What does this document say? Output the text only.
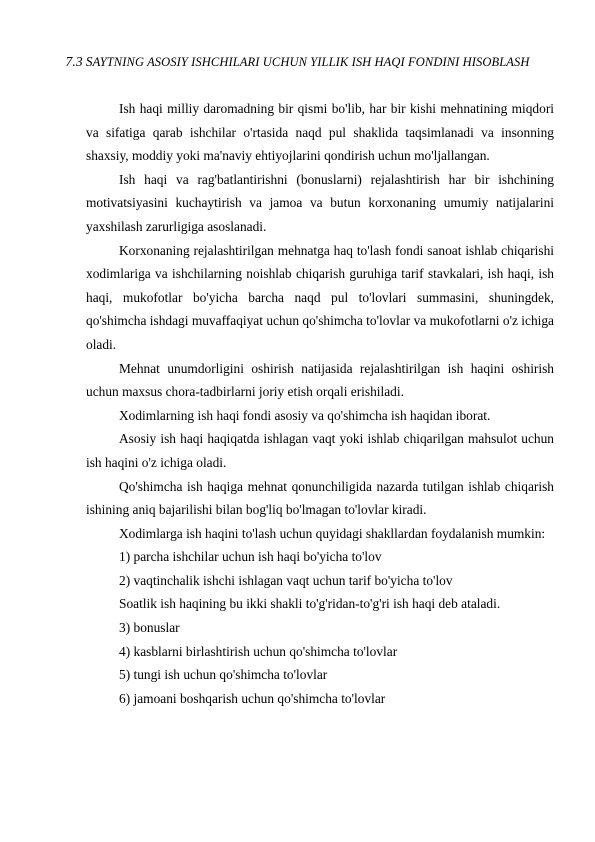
7.3 SAYTNING ASOSIY ISHCHILARI UCHUN YILLIK ISH HAQI FONDINI HISOBLASH

Ish haqi milliy daromadning bir qismi bo'lib, har bir kishi mehnatining miqdori va sifatiga qarab ishchilar o'rtasida naqd pul shaklida taqsimlanadi va insonning shaxsiy, moddiy yoki ma'naviy ehtiyojlarini qondirish uchun mo'ljallangan.

Ish haqi va rag'batlantirishni (bonuslarni) rejalashtirish har bir ishchining motivatsiyasini kuchaytirish va jamoa va butun korxonaning umumiy natijalarini yaxshilash zarurligiga asoslanadi.

Korxonaning rejalashtirilgan mehnatga haq to'lash fondi sanoat ishlab chiqarishi xodimlariga va ishchilarning noishlab chiqarish guruhiga tarif stavkalari, ish haqi, ish haqi, mukofotlar bo'yicha barcha naqd pul to'lovlari summasini, shuningdek, qo'shimcha ishdagi muvaffaqiyat uchun qo'shimcha to'lovlar va mukofotlarni o'z ichiga oladi.

Mehnat unumdorligini oshirish natijasida rejalashtirilgan ish haqini oshirish uchun maxsus chora-tadbirlarni joriy etish orqali erishiladi.

Xodimlarning ish haqi fondi asosiy va qo'shimcha ish haqidan iborat.

Asosiy ish haqi haqiqatda ishlagan vaqt yoki ishlab chiqarilgan mahsulot uchun ish haqini o'z ichiga oladi.

Qo'shimcha ish haqiga mehnat qonunchiligida nazarda tutilgan ishlab chiqarish ishining aniq bajarilishi bilan bog'liq bo'lmagan to'lovlar kiradi.

Xodimlarga ish haqini to'lash uchun quyidagi shakllardan foydalanish mumkin:

1) parcha ishchilar uchun ish haqi bo'yicha to'lov

2) vaqtinchalik ishchi ishlagan vaqt uchun tarif bo'yicha to'lov

Soatlik ish haqining bu ikki shakli to'g'ridan-to'g'ri ish haqi deb ataladi.

3) bonuslar

4) kasblarni birlashtirish uchun qo'shimcha to'lovlar

5) tungi ish uchun qo'shimcha to'lovlar

6) jamoani boshqarish uchun qo'shimcha to'lovlar
